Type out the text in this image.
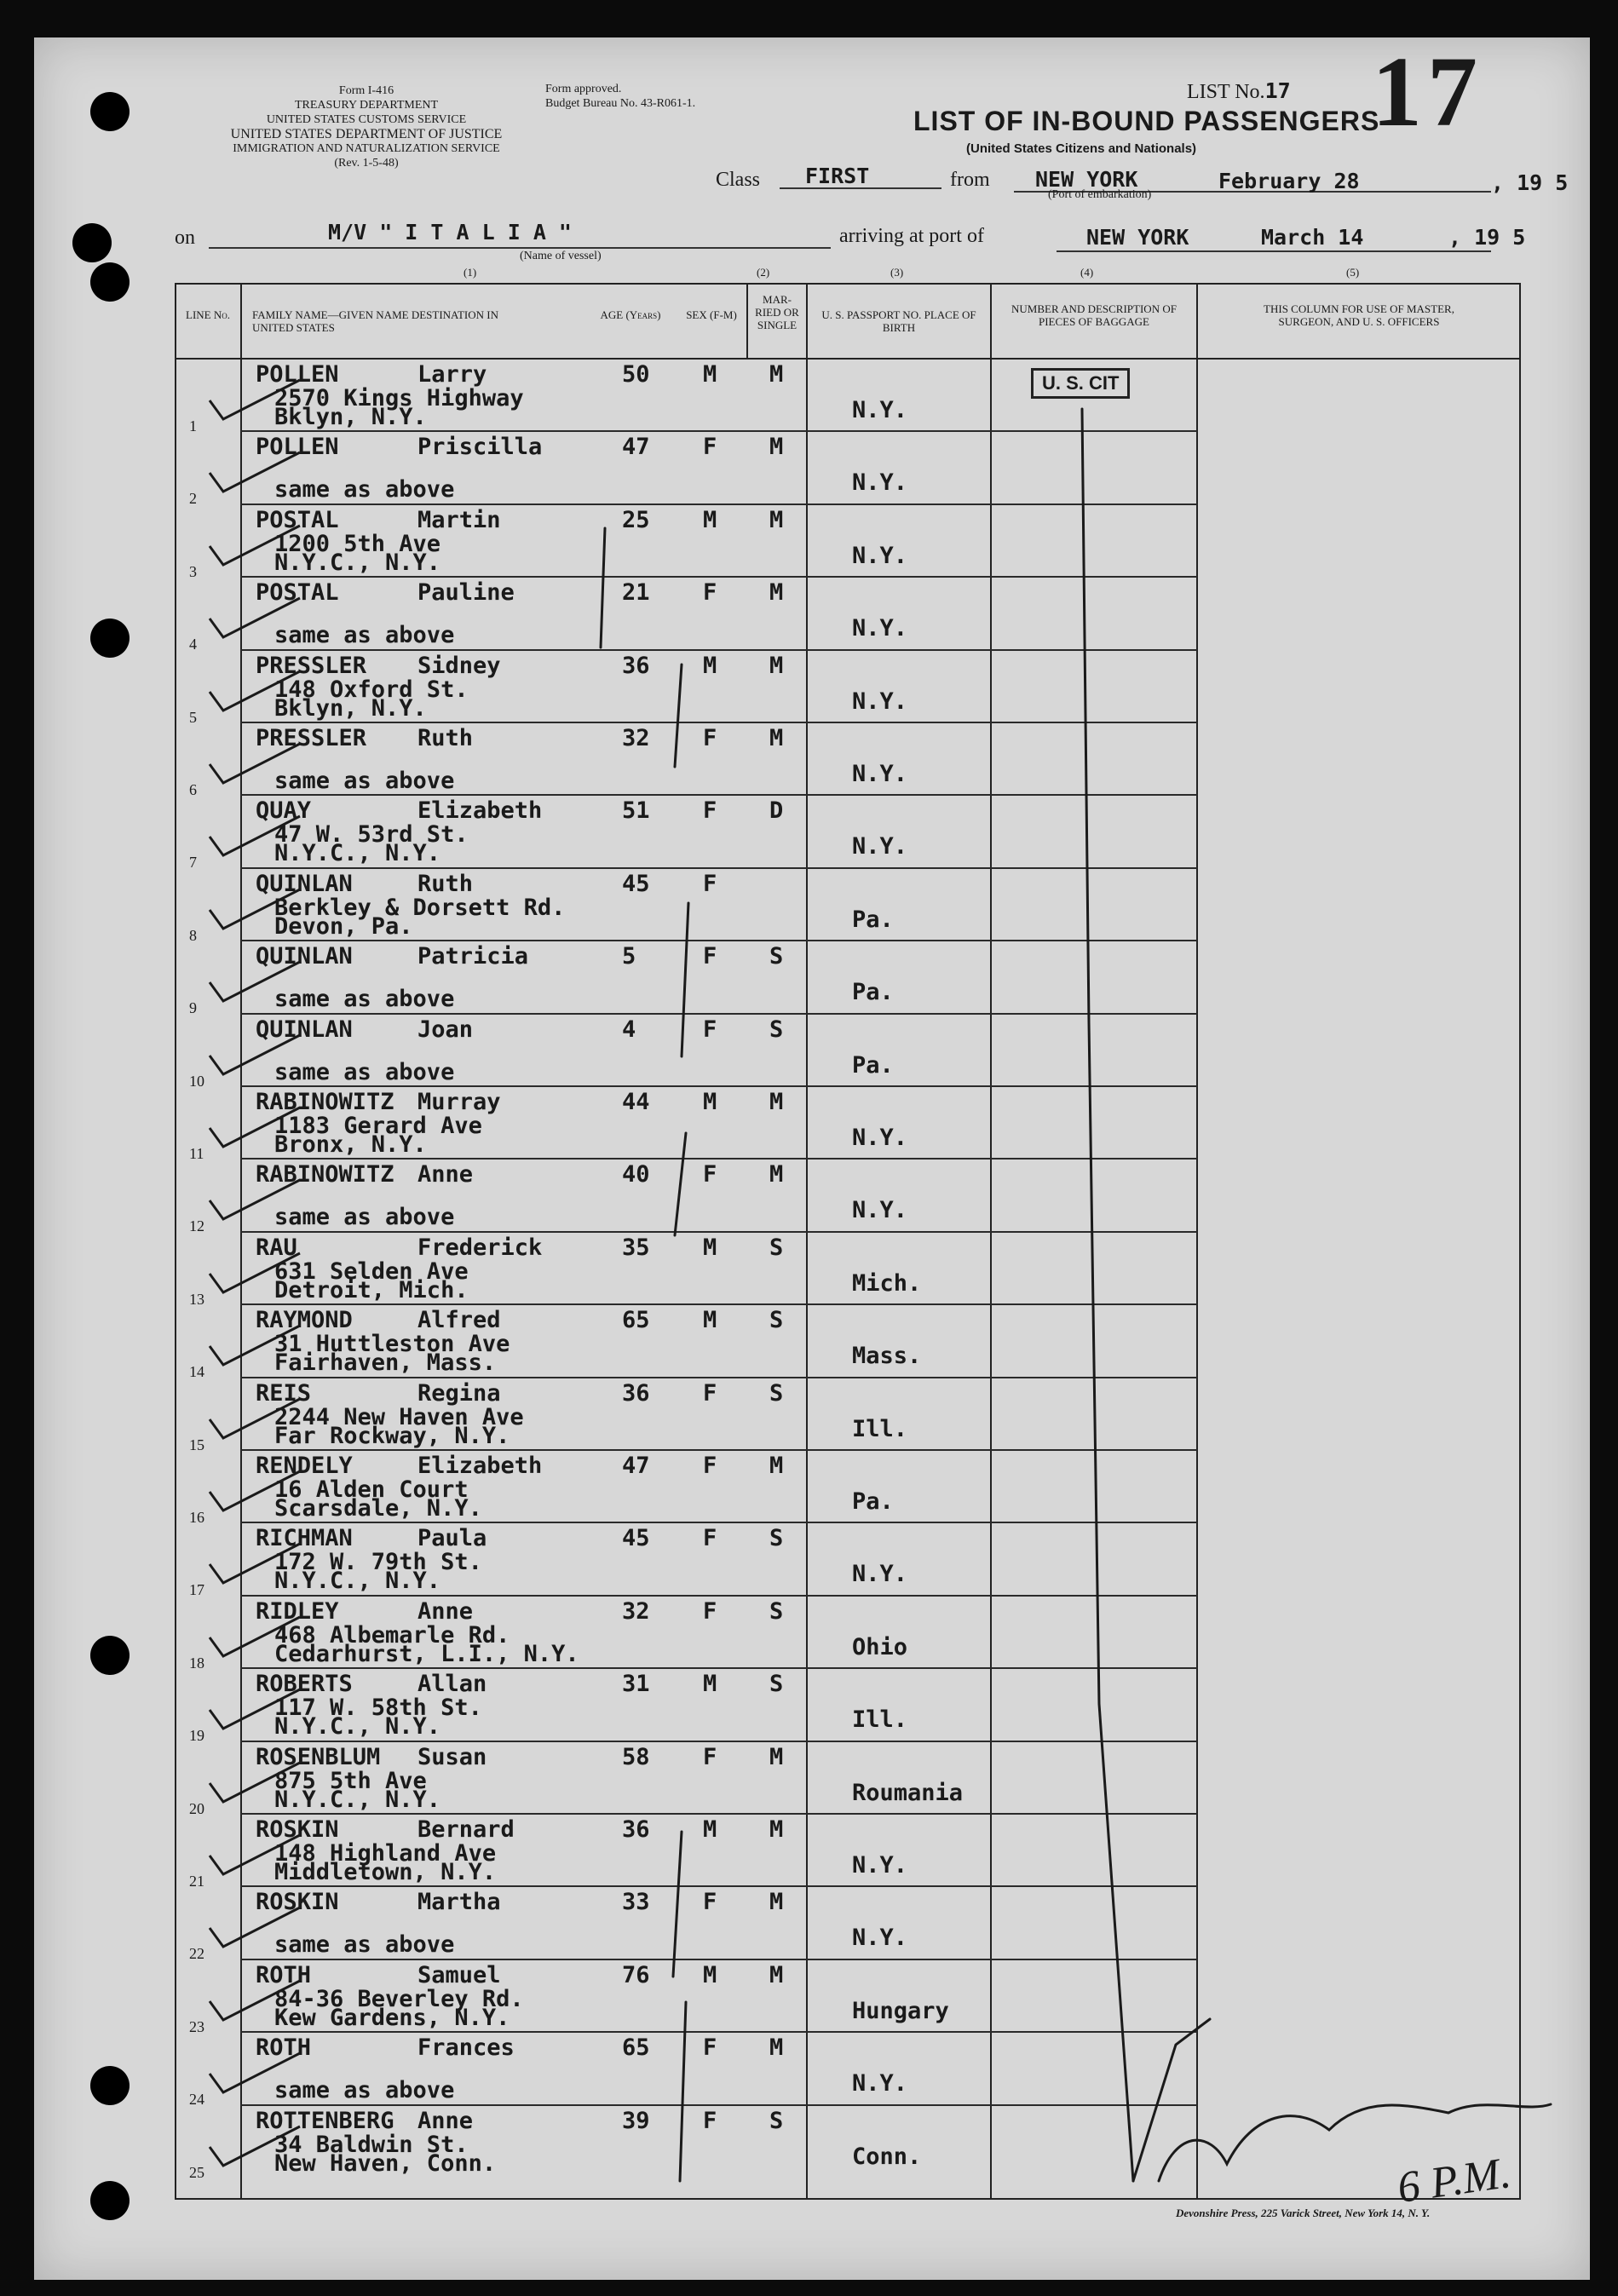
Form I-416
TREASURY DEPARTMENT
UNITED STATES CUSTOMS SERVICE
UNITED STATES DEPARTMENT OF JUSTICE
IMMIGRATION AND NATURALIZATION SERVICE
(Rev. 1-5-48)
Form approved.
Budget Bureau No. 43-R061-1.
LIST No.17 17
LIST OF IN-BOUND PASSENGERS
(United States Citizens and Nationals)
Class FIRST	from NEW YORK
(Port of embarkation)
February 28	, 19 5
on	M/V " I T A L I A "
(Name of vessel)
arriving at port of	NEW YORK	March 14	, 19 5
(1)	(2)	(3)	(4)	(5)
LINE No.	FAMILY NAME—GIVEN NAME DESTINATION IN UNITED STATES
AGE (Years)	SEX (F-M)
MAR- RIED OR SINGLE
U. S. PASSPORT NO. PLACE OF BIRTH
NUMBER AND DESCRIPTION OF PIECES OF BAGGAGE
THIS COLUMN FOR USE OF MASTER, SURGEON, AND U. S. OFFICERS
U. S. CIT
1
POLLEN	Larry
2570 Kings Highway
Bklyn, N.Y.
50 M M
N.Y.
2
POLLEN	Priscilla
same as above
47 F M
N.Y.
3
POSTAL	Martin
1200 5th Ave
N.Y.C., N.Y.
25 M M
N.Y.
4
POSTAL	Pauline
same as above
21 F M
N.Y.
5
PRESSLER Sidney
148 Oxford St.
Bklyn, N.Y.
36 M M
N.Y.
6
PRESSLER Ruth
same as above
32 F M
N.Y.
7
QUAY	Elizabeth
47 W. 53rd St.
N.Y.C., N.Y.
51 F D
N.Y.
8
QUINLAN	Ruth
Berkley & Dorsett Rd.
Devon, Pa.
45 F
Pa.
9
QUINLAN	Patricia
same as above
5	F S
Pa.
10
QUINLAN	Joan
same as above
4	F S
Pa.
11
RABINOWITZ Murray
1183 Gerard Ave
Bronx, N.Y.
44 M M
N.Y.
12
RABINOWITZ Anne
same as above
40 F M
N.Y.
13
RAU	Frederick
631 Selden Ave
Detroit, Mich.
35 M S
Mich.
14
RAYMOND	Alfred
31 Huttleston Ave
Fairhaven, Mass.
65 M S
Mass.
15
REIS	Regina
2244 New Haven Ave
Far Rockway, N.Y.
36 F S
Ill.
16
RENDELY	Elizabeth
16 Alden Court
Scarsdale, N.Y.
47 F M
Pa.
17
RICHMAN	Paula
172 W. 79th St.
N.Y.C., N.Y.
45 F S
N.Y.
18
RIDLEY	Anne
468 Albemarle Rd.
Cedarhurst, L.I., N.Y.
32 F S
Ohio
19
ROBERTS	Allan
117 W. 58th St.
N.Y.C., N.Y.
31 M S
Ill.
20
ROSENBLUM Susan
875 5th Ave
N.Y.C., N.Y.
58 F M
Roumania
21
ROSKIN	Bernard
148 Highland Ave
Middletown, N.Y.
36 M M
N.Y.
22
ROSKIN	Martha
same as above
33 F M
N.Y.
23
ROTH	Samuel
84-36 Beverley Rd.
Kew Gardens, N.Y.
76 M M
Hungary
24
ROTH	Frances
same as above
65 F M
N.Y.
25
ROTTENBERG Anne
34 Baldwin St.
New Haven, Conn.
39 F S
Conn.	6 P.M.
Devonshire Press, 225 Varick Street, New York 14, N. Y.
